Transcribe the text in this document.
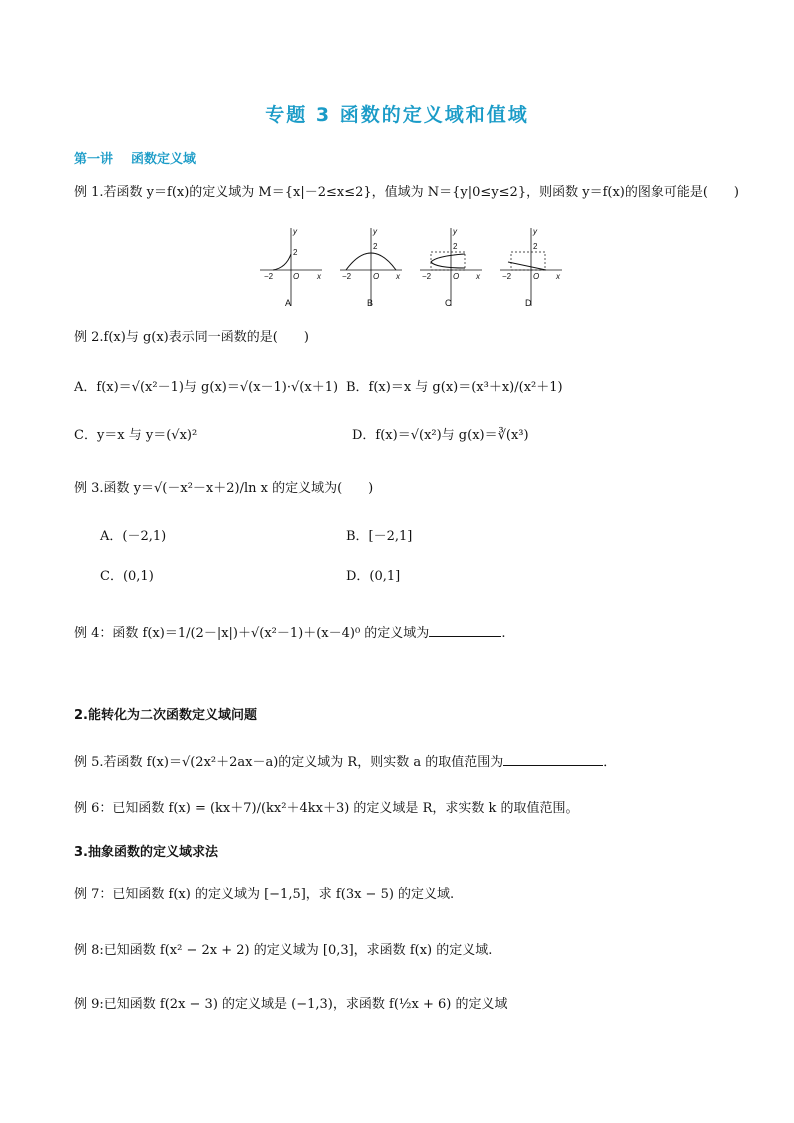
专题 3 函数的定义域和值域
第一讲 函数定义域
例 1.若函数 y＝f(x)的定义域为 M＝{x|－2≤x≤2}，值域为 N＝{y|0≤y≤2}，则函数 y＝f(x)的图象可能是(　　)
−2
2
O x
y
A
−2
2
O x
y
B
−2
2
O x
y
C
−2
2
O x
y
D
例 2.f(x)与 g(x)表示同一函数的是(　　)
A．f(x)＝√(x²－1)与 g(x)＝√(x－1)·√(x＋1) B．f(x)＝x 与 g(x)＝(x³＋x)/(x²＋1)
C．y＝x 与 y＝(√x)²	D．f(x)＝√(x²)与 g(x)＝∛(x³)
例 3.函数 y＝√(－x²－x＋2)/ln x 的定义域为(　　)
A．(－2,1)	B．[－2,1]
C．(0,1)	D．(0,1]
例 4：函数 f(x)＝1/(2－|x|)＋√(x²－1)＋(x－4)⁰ 的定义域为	.
2.能转化为二次函数定义域问题
例 5.若函数 f(x)＝√(2x²＋2ax－a)的定义域为 R，则实数 a 的取值范围为	．
例 6：已知函数 f(x) = (kx＋7)/(kx²＋4kx＋3) 的定义域是 R，求实数 k 的取值范围。
3.抽象函数的定义域求法
例 7：已知函数 f(x) 的定义域为 [−1,5]，求 f(3x − 5) 的定义域.
例 8:已知函数 f(x² − 2x + 2) 的定义域为 [0,3]，求函数 f(x) 的定义域.
例 9:已知函数 f(2x − 3) 的定义域是 (−1,3)，求函数 f(½x + 6) 的定义域
